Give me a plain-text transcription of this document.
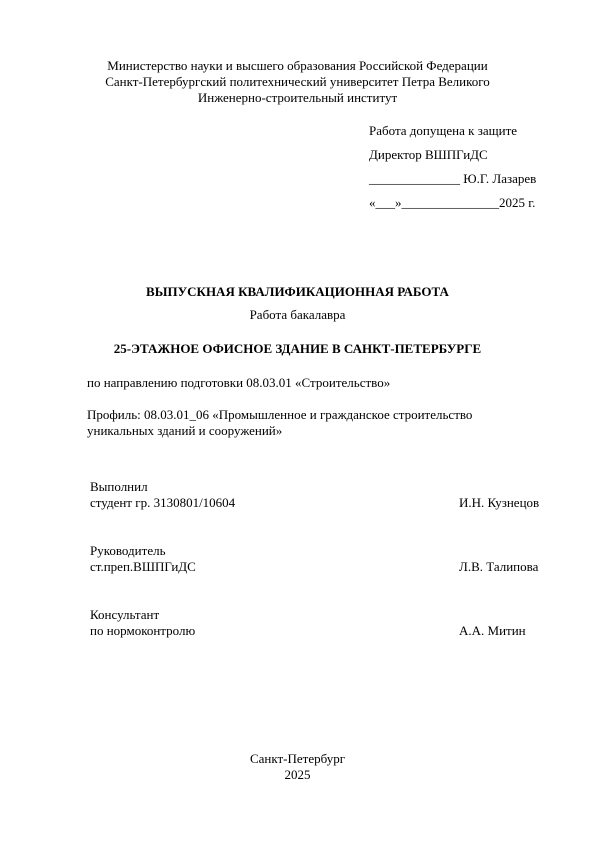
Министерство науки и высшего образования Российской Федерации
Санкт-Петербургский политехнический университет Петра Великого
Инженерно-строительный институт
Работа допущена к защите
Директор ВШПГиДС
______________ Ю.Г. Лазарев
«___»_______________2025 г.
ВЫПУСКНАЯ КВАЛИФИКАЦИОННАЯ РАБОТА
Работа бакалавра
25-ЭТАЖНОЕ ОФИСНОЕ ЗДАНИЕ В САНКТ-ПЕТЕРБУРГЕ
по направлению подготовки 08.03.01 «Строительство»
Профиль: 08.03.01_06 «Промышленное и гражданское строительство
уникальных зданий и сооружений»
Выполнил
студент гр. 3130801/10604	И.Н. Кузнецов
Руководитель
ст.преп.ВШПГиДС	Л.В. Талипова
Консультант
по нормоконтролю	А.А. Митин
Санкт-Петербург
2025
